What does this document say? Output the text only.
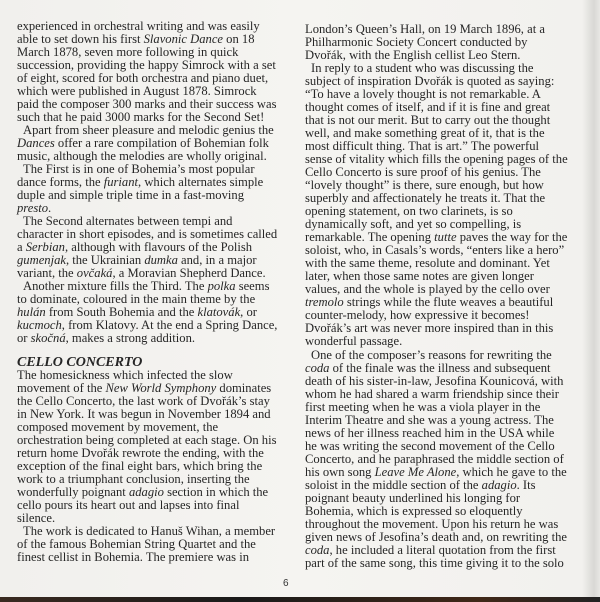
experienced in orchestral writing and was easily
able to set down his first Slavonic Dance on 18
March 1878, seven more following in quick
succession, providing the happy Simrock with a set
of eight, scored for both orchestra and piano duet,
which were published in August 1878. Simrock
paid the composer 300 marks and their success was
such that he paid 3000 marks for the Second Set!
Apart from sheer pleasure and melodic genius the
Dances offer a rare compilation of Bohemian folk
music, although the melodies are wholly original.
The First is in one of Bohemia’s most popular
dance forms, the furiant, which alternates simple
duple and simple triple time in a fast-moving
presto.
The Second alternates between tempi and
character in short episodes, and is sometimes called
a Serbian, although with flavours of the Polish
gumenjak, the Ukrainian dumka and, in a major
variant, the ovčaká, a Moravian Shepherd Dance.
Another mixture fills the Third. The polka seems
to dominate, coloured in the main theme by the
hulán from South Bohemia and the klatovák, or
kucmoch, from Klatovy. At the end a Spring Dance,
or skočná, makes a strong addition.
CELLO CONCERTO
The homesickness which infected the slow
movement of the New World Symphony dominates
the Cello Concerto, the last work of Dvořák’s stay
in New York. It was begun in November 1894 and
composed movement by movement, the
orchestration being completed at each stage. On his
return home Dvořák rewrote the ending, with the
exception of the final eight bars, which bring the
work to a triumphant conclusion, inserting the
wonderfully poignant adagio section in which the
cello pours its heart out and lapses into final
silence.
The work is dedicated to Hanuš Wihan, a member
of the famous Bohemian String Quartet and the
finest cellist in Bohemia. The premiere was in
London’s Queen’s Hall, on 19 March 1896, at a
Philharmonic Society Concert conducted by
Dvořák, with the English cellist Leo Stern.
In reply to a student who was discussing the
subject of inspiration Dvořák is quoted as saying:
“To have a lovely thought is not remarkable. A
thought comes of itself, and if it is fine and great
that is not our merit. But to carry out the thought
well, and make something great of it, that is the
most difficult thing. That is art.” The powerful
sense of vitality which fills the opening pages of the
Cello Concerto is sure proof of his genius. The
“lovely thought” is there, sure enough, but how
superbly and affectionately he treats it. That the
opening statement, on two clarinets, is so
dynamically soft, and yet so compelling, is
remarkable. The opening tutte paves the way for the
soloist, who, in Casals’s words, “enters like a hero”
with the same theme, resolute and dominant. Yet
later, when those same notes are given longer
values, and the whole is played by the cello over
tremolo strings while the flute weaves a beautiful
counter-melody, how expressive it becomes!
Dvořák’s art was never more inspired than in this
wonderful passage.
One of the composer’s reasons for rewriting the
coda of the finale was the illness and subsequent
death of his sister-in-law, Jesofina Kounicová, with
whom he had shared a warm friendship since their
first meeting when he was a viola player in the
Interim Theatre and she was a young actress. The
news of her illness reached him in the USA while
he was writing the second movement of the Cello
Concerto, and he paraphrased the middle section of
his own song Leave Me Alone, which he gave to the
soloist in the middle section of the adagio. Its
poignant beauty underlined his longing for
Bohemia, which is expressed so eloquently
throughout the movement. Upon his return he was
given news of Jesofina’s death and, on rewriting the
coda, he included a literal quotation from the first
part of the same song, this time giving it to the solo
6
